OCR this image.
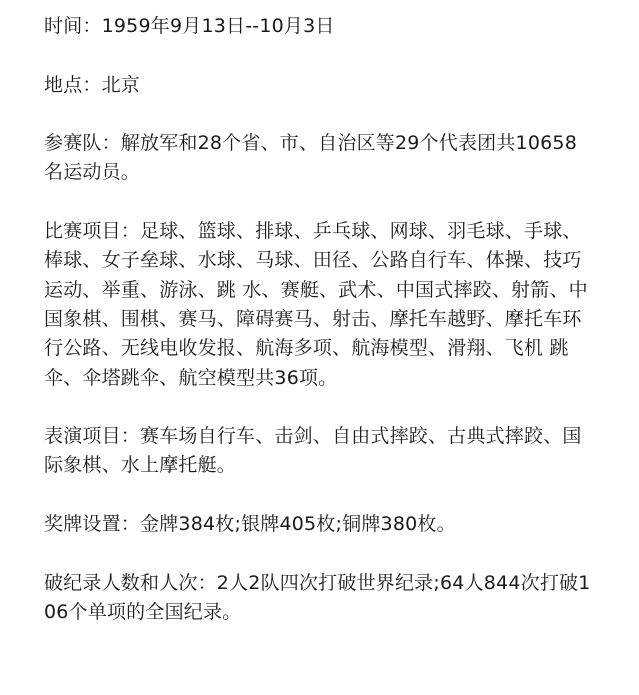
时间：1959年9月13日--10月3日

地点：北京

参赛队：解放军和28个省、市、自治区等29个代表团共10658名运动员。

比赛项目：足球、篮球、排球、乒乓球、网球、羽毛球、手球、棒球、女子垒球、水球、马球、田径、公路自行车、体操、技巧运动、举重、游泳、跳 水、赛艇、武术、中国式摔跤、射箭、中国象棋、围棋、赛马、障碍赛马、射击、摩托车越野、摩托车环行公路、无线电收发报、航海多项、航海模型、滑翔、飞机 跳伞、伞塔跳伞、航空模型共36项。

表演项目：赛车场自行车、击剑、自由式摔跤、古典式摔跤、国际象棋、水上摩托艇。

奖牌设置：金牌384枚;银牌405枚;铜牌380枚。

破纪录人数和人次：2人2队四次打破世界纪录;64人844次打破106个单项的全国纪录。
